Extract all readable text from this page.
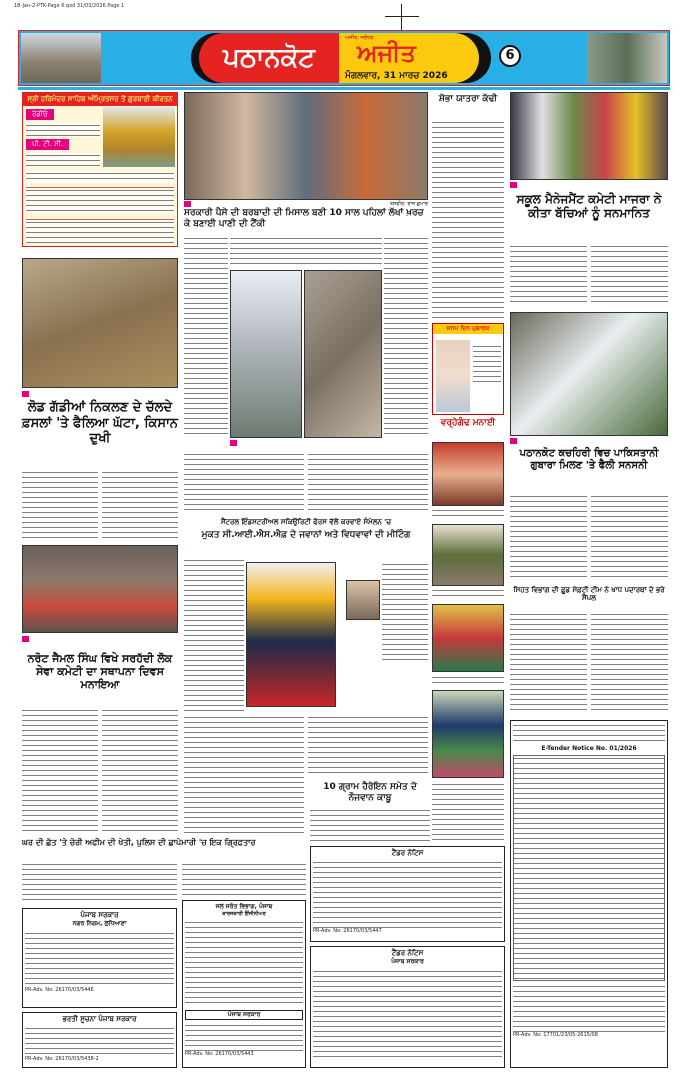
18-Jan-2-PTK-Page 6.qxd 31/03/2026 Page 1
ਪਠਾਨਕੋਟ
ਅਜੀਤ, ਜਲੰਧਰ
ਅਜੀਤ
ਮੰਗਲਵਾਰ, 31 ਮਾਰਚ 2026
6
ਸ੍ਰੀ ਹਰਿਮੰਦਰ ਸਾਹਿਬ ਅੰਮ੍ਰਿਤਸਰ ਤੋਂ ਗੁਰਬਾਣੀ ਕੀਰਤਨ
ਰੇਡੀਓ
ਪੀ. ਟੀ. ਸੀ.
ਲੋਡ ਗੱਡੀਆਂ ਨਿਕਲਣ ਦੇ ਚੱਲਦੇ ਫ਼ਸਲਾਂ 'ਤੇ ਫੈਲਿਆ ਘੱਟਾ, ਕਿਸਾਨ ਦੁਖੀ
ਨਰੋਟ ਜੈਮਲ ਸਿੰਘ ਵਿਖੇ ਸਰਹੱਦੀ ਲੋਕ ਸੇਵਾ ਕਮੇਟੀ ਦਾ ਸਥਾਪਨਾ ਦਿਵਸ ਮਨਾਇਆ
ਤਸਵੀਰ: ਰਾਜ ਕੁਮਾਰ
ਸਰਕਾਰੀ ਪੈਸੇ ਦੀ ਬਰਬਾਦੀ ਦੀ ਮਿਸਾਲ ਬਣੀ 10 ਸਾਲ ਪਹਿਲਾਂ ਲੱਖਾਂ ਖ਼ਰਚ ਕੇ ਬਣਾਈ ਪਾਣੀ ਦੀ ਟੈਂਕੀ
ਸੈਂਟਰਲ ਇੰਡਸਟਰੀਅਲ ਸਕਿਉਰਿਟੀ ਫੋਰਸ ਵੱਲੋਂ ਕਰਵਾਏ ਸੰਮੇਲਨ 'ਚ
ਮੁਕਤ ਸੀ.ਆਈ.ਐਸ.ਐਫ਼ ਦੇ ਜਵਾਨਾਂ ਅਤੇ ਵਿਧਵਾਵਾਂ ਦੀ ਮੀਟਿੰਗ
10 ਗ੍ਰਾਮ ਹੈਰੋਇਨ ਸਮੇਤ ਦੋ ਨੌਜਵਾਨ ਕਾਬੂ
ਸ਼ੋਭਾ ਯਾਤਰਾ ਕੱਢੀ
ਜਨਮ ਦਿਨ ਮੁਬਾਰਕ
ਵਰ੍ਹੇਗੰਢ ਮਨਾਈ
ਸਕੂਲ ਮੈਨੇਜਮੈਂਟ ਕਮੇਟੀ ਮਾਜਰਾ ਨੇ ਕੀਤਾ ਬੱਚਿਆਂ ਨੂੰ ਸਨਮਾਨਿਤ
ਪਠਾਨਕੋਟ ਕਚਹਿਰੀ ਵਿਚ ਪਾਕਿਸਤਾਨੀ ਗੁਬਾਰਾ ਮਿਲਣ 'ਤੇ ਫੈਲੀ ਸਨਸਨੀ
ਸਿਹਤ ਵਿਭਾਗ ਦੀ ਫ਼ੂਡ ਸੇਫ਼ਟੀ ਟੀਮ ਨੇ ਖਾਧ ਪਦਾਰਥਾਂ ਦੇ ਭਰੇ ਸੈਂਪਲ
ਘਰ ਦੀ ਛੱਤ 'ਤੇ ਚੋਰੀ ਅਫੀਮ ਦੀ ਖੇਤੀ, ਪੁਲਿਸ ਦੀ ਛਾਪੇਮਾਰੀ 'ਚ ਇਕ ਗ੍ਰਿਫ਼ਤਾਰ
ਪੰਜਾਬ ਸਰਕਾਰ
ਨਗਰ ਨਿਗਮ, ਲੁਧਿਆਣਾ
PR-Adv. No: 26170/03/5446
ਭਰਤੀ ਸੂਚਨਾ ਪੰਜਾਬ ਸਰਕਾਰ
PR-Adv. No: 26170/03/5438-2
ਜਲ ਸਰੋਤ ਵਿਭਾਗ, ਪੰਜਾਬ
ਕਾਰਜਕਾਰੀ ਇੰਜੀਨੀਅਰ
ਪੰਜਾਬ ਸਰਕਾਰ
PR-Adv. No: 26170/03/5443
ਟੈਂਡਰ ਨੋਟਿਸ
PR-Adv. No: 26170/03/5447
ਟੈਂਡਰ ਨੋਟਿਸ
ਪੰਜਾਬ ਸਰਕਾਰ
E-Tender Notice No. 01/2026
PR-Adv. No: 17701/23/05-2615/08
